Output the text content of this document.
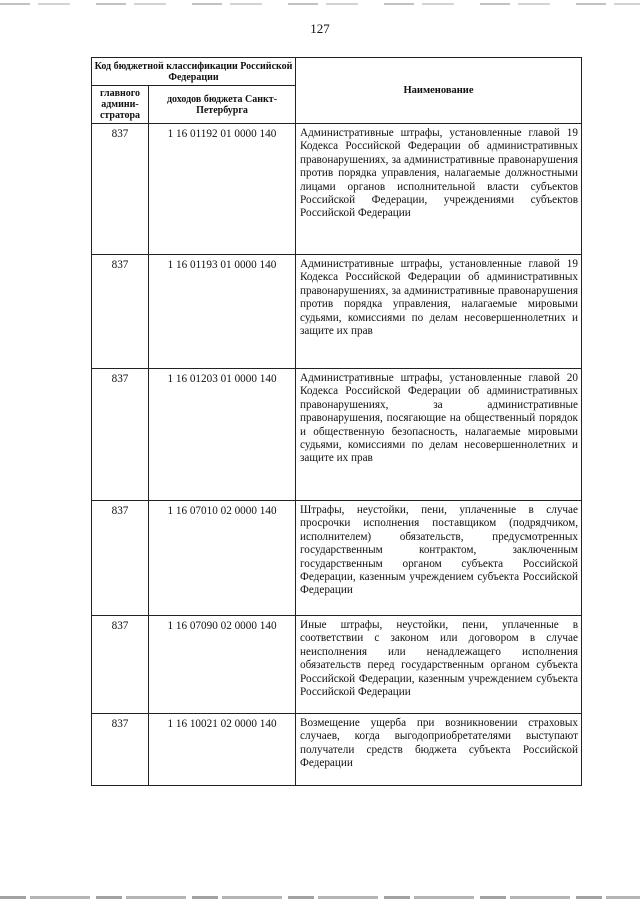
127
Код бюджетной классификации Российской Федерации		Наименование
главного админи-стратора	доходов бюджета Санкт-Петербурга	
837	1 16 01192 01 0000 140	Административные штрафы, установленные главой 19 Кодекса Российской Федерации об административных правонарушениях, за административные правонарушения против порядка управления, налагаемые должностными лицами органов исполнительной власти субъектов Российской Федерации, учреждениями субъектов Российской Федерации
837	1 16 01193 01 0000 140	Административные штрафы, установленные главой 19 Кодекса Российской Федерации об административных правонарушениях, за административные правонарушения против порядка управления, налагаемые мировыми судьями, комиссиями по делам несовершеннолетних и защите их прав
837	1 16 01203 01 0000 140	Административные штрафы, установленные главой 20 Кодекса Российской Федерации об административных правонарушениях, за административные правонарушения, посягающие на общественный порядок и общественную безопасность, налагаемые мировыми судьями, комиссиями по делам несовершеннолетних и защите их прав
837	1 16 07010 02 0000 140	Штрафы, неустойки, пени, уплаченные в случае просрочки исполнения поставщиком (подрядчиком, исполнителем) обязательств, предусмотренных государственным контрактом, заключенным государственным органом субъекта Российской Федерации, казенным учреждением субъекта Российской Федерации
837	1 16 07090 02 0000 140	Иные штрафы, неустойки, пени, уплаченные в соответствии с законом или договором в случае неисполнения или ненадлежащего исполнения обязательств перед государственным органом субъекта Российской Федерации, казенным учреждением субъекта Российской Федерации
837	1 16 10021 02 0000 140	Возмещение ущерба при возникновении страховых случаев, когда выгодоприобретателями выступают получатели средств бюджета субъекта Российской Федерации
